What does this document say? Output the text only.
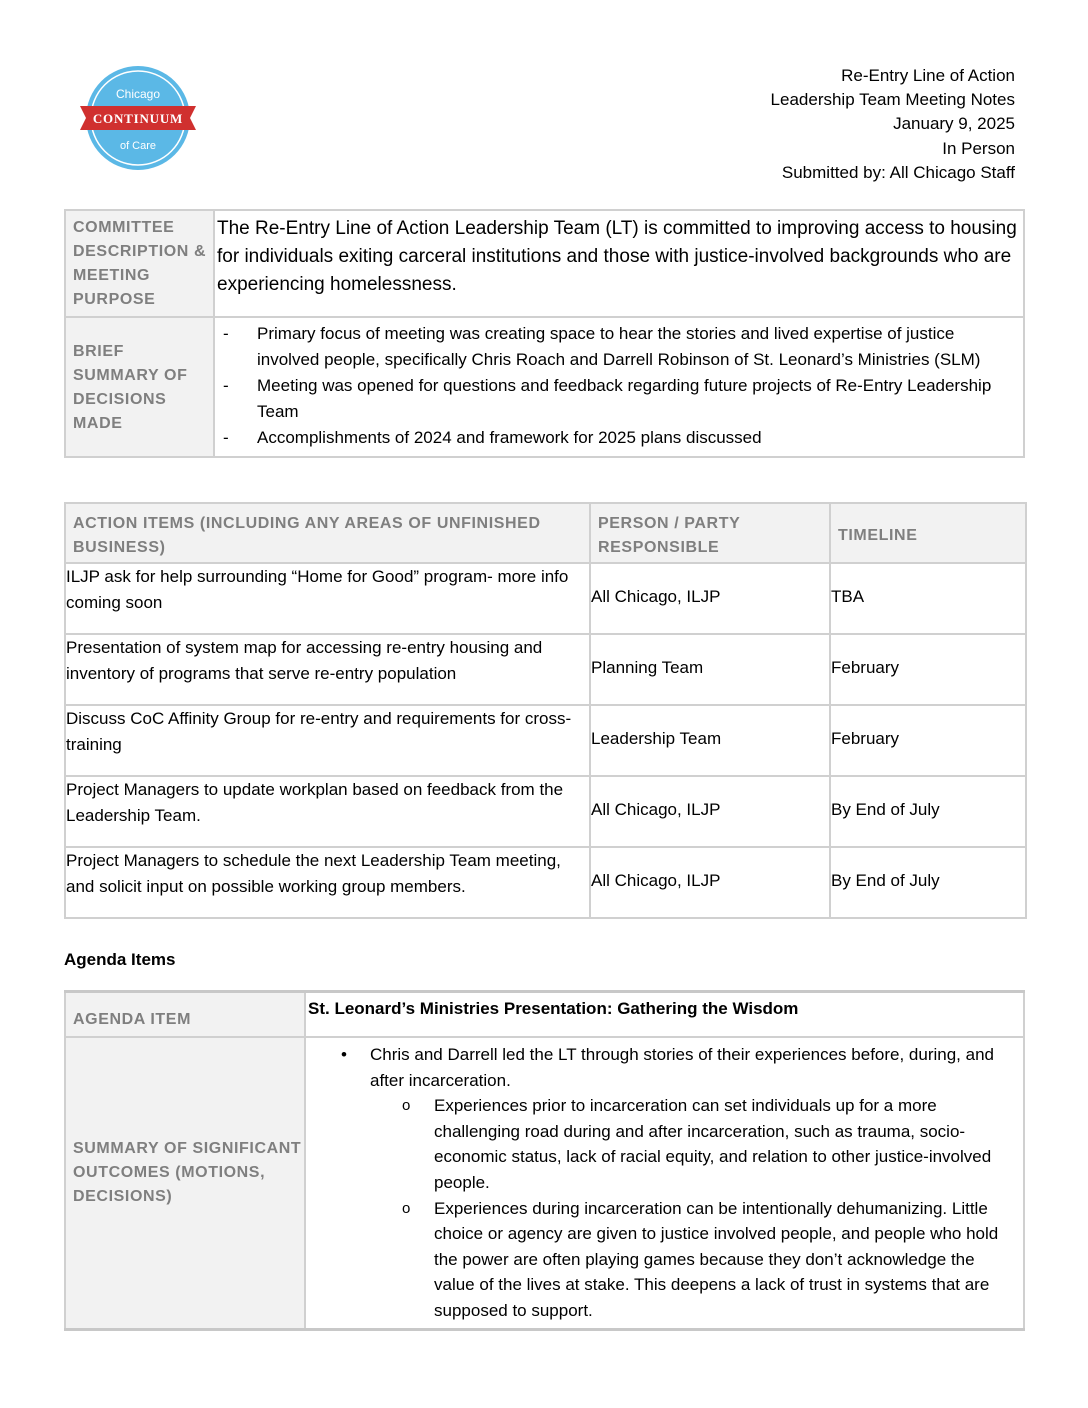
Chicago
CONTINUUM
of Care
Re-Entry Line of Action
Leadership Team Meeting Notes
January 9, 2025
In Person
Submitted by: All Chicago Staff
COMMITTEE DESCRIPTION & MEETING PURPOSE	The Re-Entry Line of Action Leadership Team (LT) is committed to improving access to housing for individuals exiting carceral institutions and those with justice-involved backgrounds who are experiencing homelessness.
BRIEF SUMMARY OF DECISIONS MADE	
- Primary focus of meeting was creating space to hear the stories and lived expertise of justice involved people, specifically Chris Roach and Darrell Robinson of St. Leonard’s Ministries (SLM)
- Meeting was opened for questions and feedback regarding future projects of Re-Entry Leadership Team
- Accomplishments of 2024 and framework for 2025 plans discussed
ACTION ITEMS (INCLUDING ANY AREAS OF UNFINISHED BUSINESS)	PERSON / PARTY RESPONSIBLE	TIMELINE
ILJP ask for help surrounding “Home for Good” program- more info coming soon	All Chicago, ILJP	TBA
Presentation of system map for accessing re-entry housing and inventory of programs that serve re-entry population	Planning Team	February
Discuss CoC Affinity Group for re-entry and requirements for cross-training	Leadership Team	February
Project Managers to update workplan based on feedback from the Leadership Team.	All Chicago, ILJP	By End of July
Project Managers to schedule the next Leadership Team meeting, and solicit input on possible working group members.	All Chicago, ILJP	By End of July
Agenda Items
AGENDA ITEM	St. Leonard’s Ministries Presentation: Gathering the Wisdom
SUMMARY OF SIGNIFICANT OUTCOMES (MOTIONS, DECISIONS)	
• Chris and Darrell led the LT through stories of their experiences before, during, and after incarceration.
o Experiences prior to incarceration can set individuals up for a more challenging road during and after incarceration, such as trauma, socio-economic status, lack of racial equity, and relation to other justice-involved people.
o Experiences during incarceration can be intentionally dehumanizing. Little choice or agency are given to justice involved people, and people who hold the power are often playing games because they don’t acknowledge the value of the lives at stake. This deepens a lack of trust in systems that are supposed to support.
